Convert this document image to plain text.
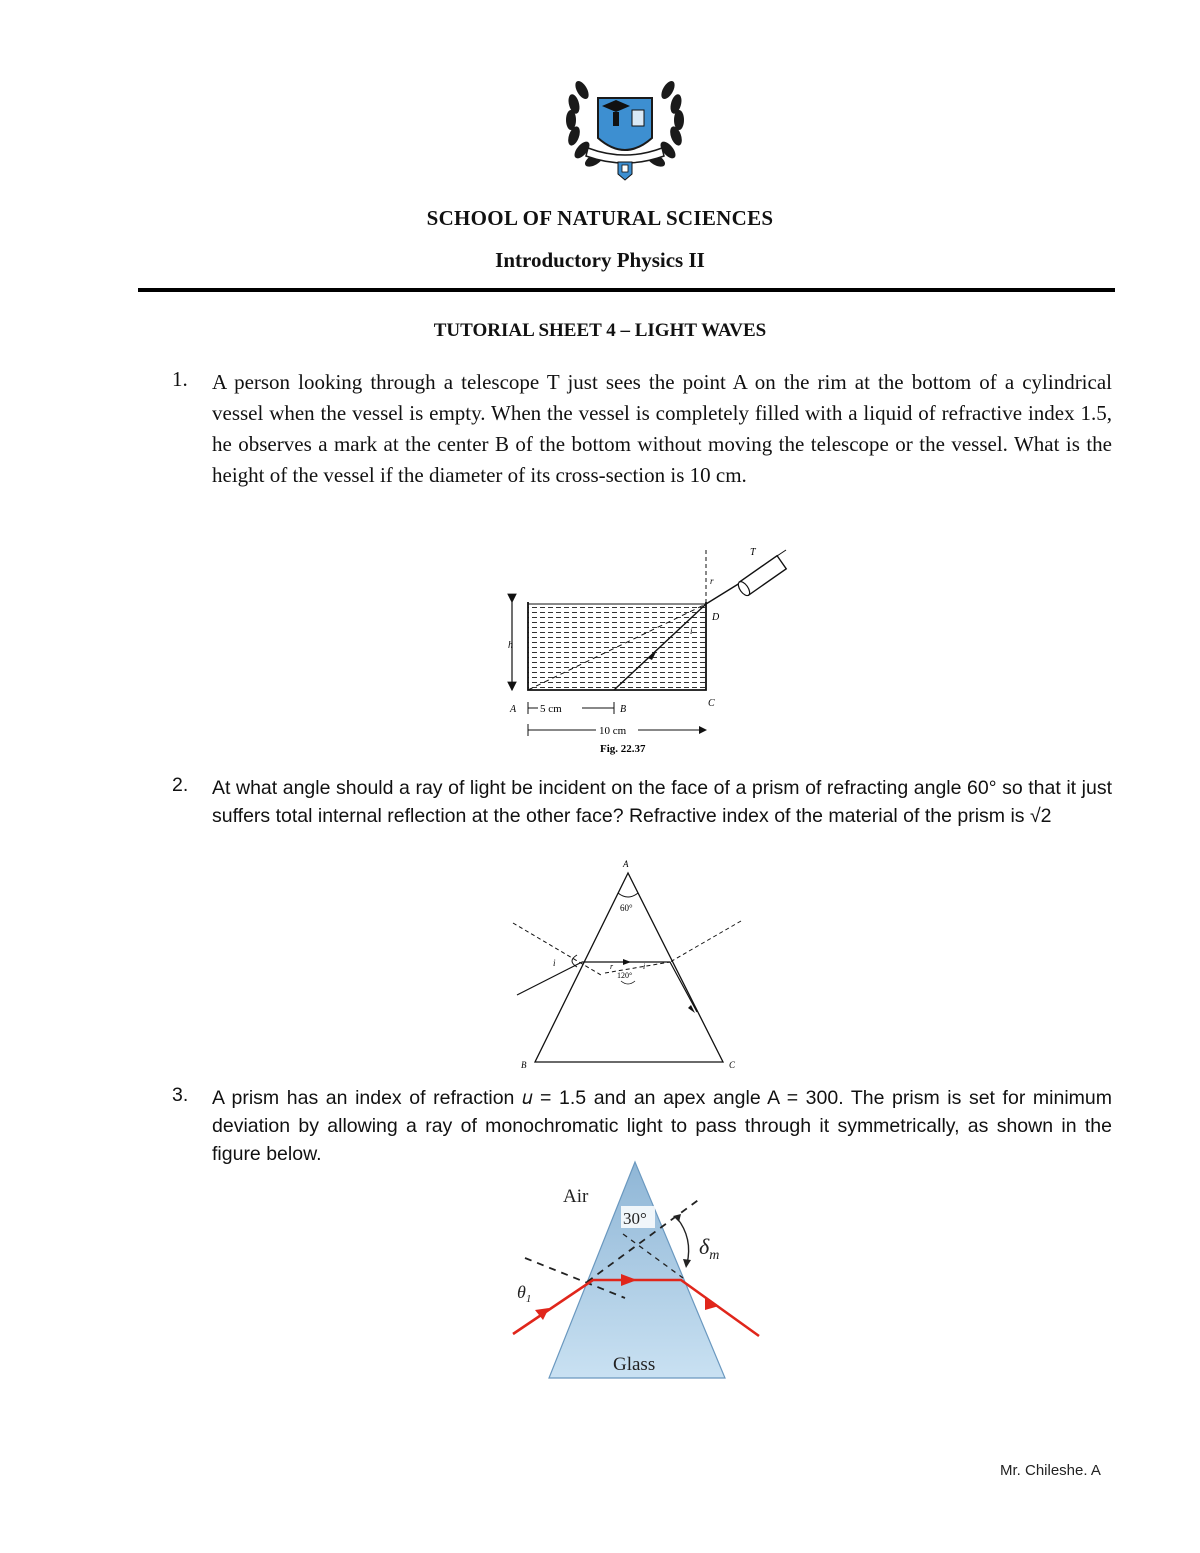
SCHOOL OF NATURAL SCIENCES
Introductory Physics II
TUTORIAL SHEET 4 – LIGHT WAVES
1. A person looking through a telescope T just sees the point A on the rim at the bottom of a cylindrical vessel when the vessel is empty. When the vessel is completely filled with a liquid of refractive index 1.5, he observes a mark at the center B of the bottom without moving the telescope or the vessel. What is the height of the vessel if the diameter of its cross-section is 10 cm.
h
T
r
D
i
C
A	B
5 cm
10 cm
Fig. 22.37
2. At what angle should a ray of light be incident on the face of a prism of refracting angle 60° so that it just suffers total internal reflection at the other face? Refractive index of the material of the prism is √2
A
60°
i	r
120°
i
B	C
3. A prism has an index of refraction 𝑢 = 1.5 and an apex angle A = 300. The prism is set for minimum deviation by allowing a ray of monochromatic light to pass through it symmetrically, as shown in the figure below.
Air
Glass
30°
$\delta_m$
$\theta_1$
Mr. Chileshe. A
